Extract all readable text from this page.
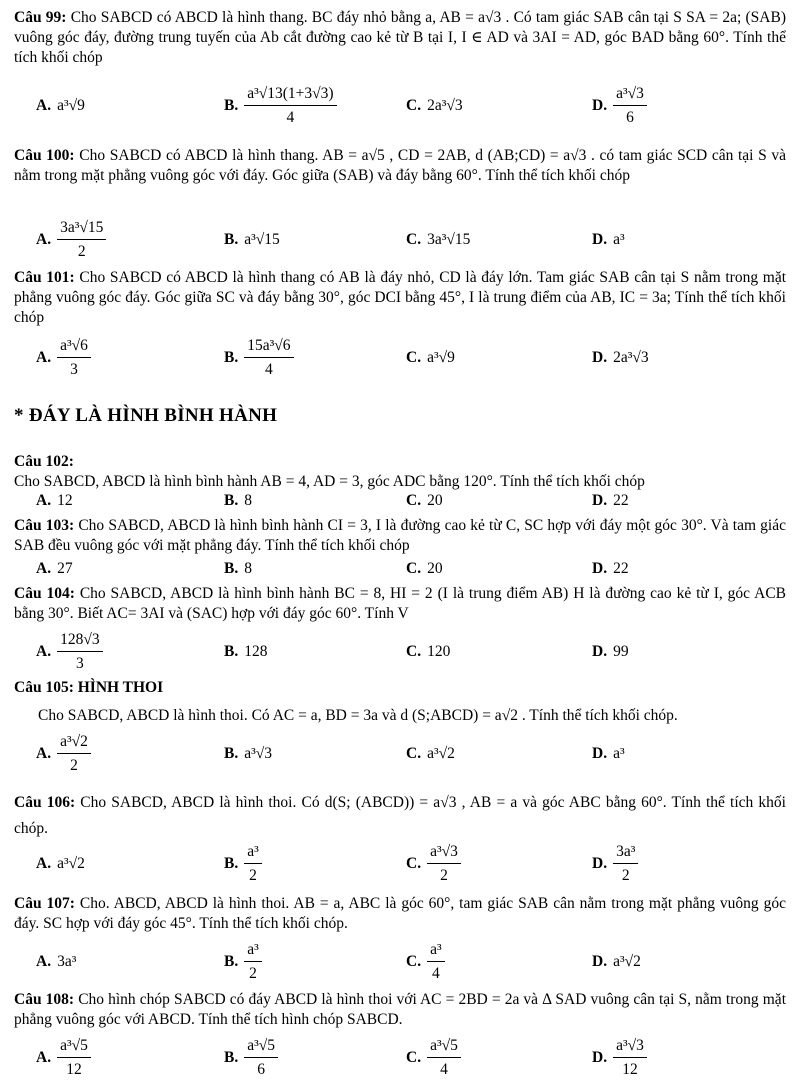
Câu 99: Cho SABCD có ABCD là hình thang. BC đáy nhỏ bằng a, AB = a√3 . Có tam giác SAB cân tại S SA = 2a; (SAB) vuông góc đáy, đường trung tuyến của Ab cắt đường cao kẻ từ B tại I, I ∈ AD và 3AI = AD, góc BAD bằng 60°. Tính thể tích khối chóp
A. a³√9	B. $\frac{\text{a³√13(1+3√3)}}{4}$	C. 2a³√3	D. $\frac{\text{a³√3}}{6}$
Câu 100: Cho SABCD có ABCD là hình thang. AB = a√5 , CD = 2AB, d (AB;CD) = a√3 . có tam giác SCD cân tại S và nằm trong mặt phẳng vuông góc với đáy. Góc giữa (SAB) và đáy bằng 60°. Tính thể tích khối chóp
A. $\frac{\text{3a³√15}}{2}$	B. a³√15	C. 3a³√15	D. a³
Câu 101: Cho SABCD có ABCD là hình thang có AB là đáy nhỏ, CD là đáy lớn. Tam giác SAB cân tại S nằm trong mặt phẳng vuông góc đáy. Góc giữa SC và đáy bằng 30°, góc DCI bằng 45°, I là trung điểm của AB, IC = 3a; Tính thể tích khối chóp
A. $\frac{\text{a³√6}}{3}$	B. $\frac{\text{15a³√6}}{4}$	C. a³√9	D. 2a³√3
* ĐÁY LÀ HÌNH BÌNH HÀNH
Câu 102:
Cho SABCD, ABCD là hình bình hành AB = 4, AD = 3, góc ADC bằng 120°. Tính thể tích khối chóp
A. 12	B. 8	C. 20	D. 22
Câu 103: Cho SABCD, ABCD là hình bình hành CI = 3, I là đường cao kẻ từ C, SC hợp với đáy một góc 30°. Và tam giác SAB đều vuông góc với mặt phẳng đáy. Tính thể tích khối chóp
A. 27	B. 8	C. 20	D. 22
Câu 104: Cho SABCD, ABCD là hình bình hành BC = 8, HI = 2 (I là trung điểm AB) H là đường cao kẻ từ I, góc ACB bằng 30°. Biết AC= 3AI và (SAC) hợp với đáy góc 60°. Tính V
A. $\frac{128√3}{3}$	B. 128	C. 120	D. 99
Câu 105: HÌNH THOI
Cho SABCD, ABCD là hình thoi. Có AC = a, BD = 3a và d (S;ABCD) = a√2 . Tính thể tích khối chóp.
A. $\frac{\text{a³√2}}{2}$	B. a³√3	C. a³√2	D. a³
Câu 106: Cho SABCD, ABCD là hình thoi. Có d(S; (ABCD)) = a√3 , AB = a và góc ABC bằng 60°. Tính thể tích khối chóp.
A. a³√2	B. $\frac{\text{a³}}{2}$	C. $\frac{\text{a³√3}}{2}$	D. $\frac{\text{3a³}}{2}$
Câu 107: Cho. ABCD, ABCD là hình thoi. AB = a, ABC là góc 60°, tam giác SAB cân nằm trong mặt phẳng vuông góc đáy. SC hợp với đáy góc 45°. Tính thể tích khối chóp.
A. 3a³	B. $\frac{\text{a³}}{2}$	C. $\frac{\text{a³}}{4}$	D. a³√2
Câu 108: Cho hình chóp SABCD có đáy ABCD là hình thoi với AC = 2BD = 2a và Δ SAD vuông cân tại S, nằm trong mặt phẳng vuông góc với ABCD. Tính thể tích hình chóp SABCD.
A. $\frac{\text{a³√5}}{12}$	B. $\frac{\text{a³√5}}{6}$	C. $\frac{\text{a³√5}}{4}$	D. $\frac{\text{a³√3}}{12}$
